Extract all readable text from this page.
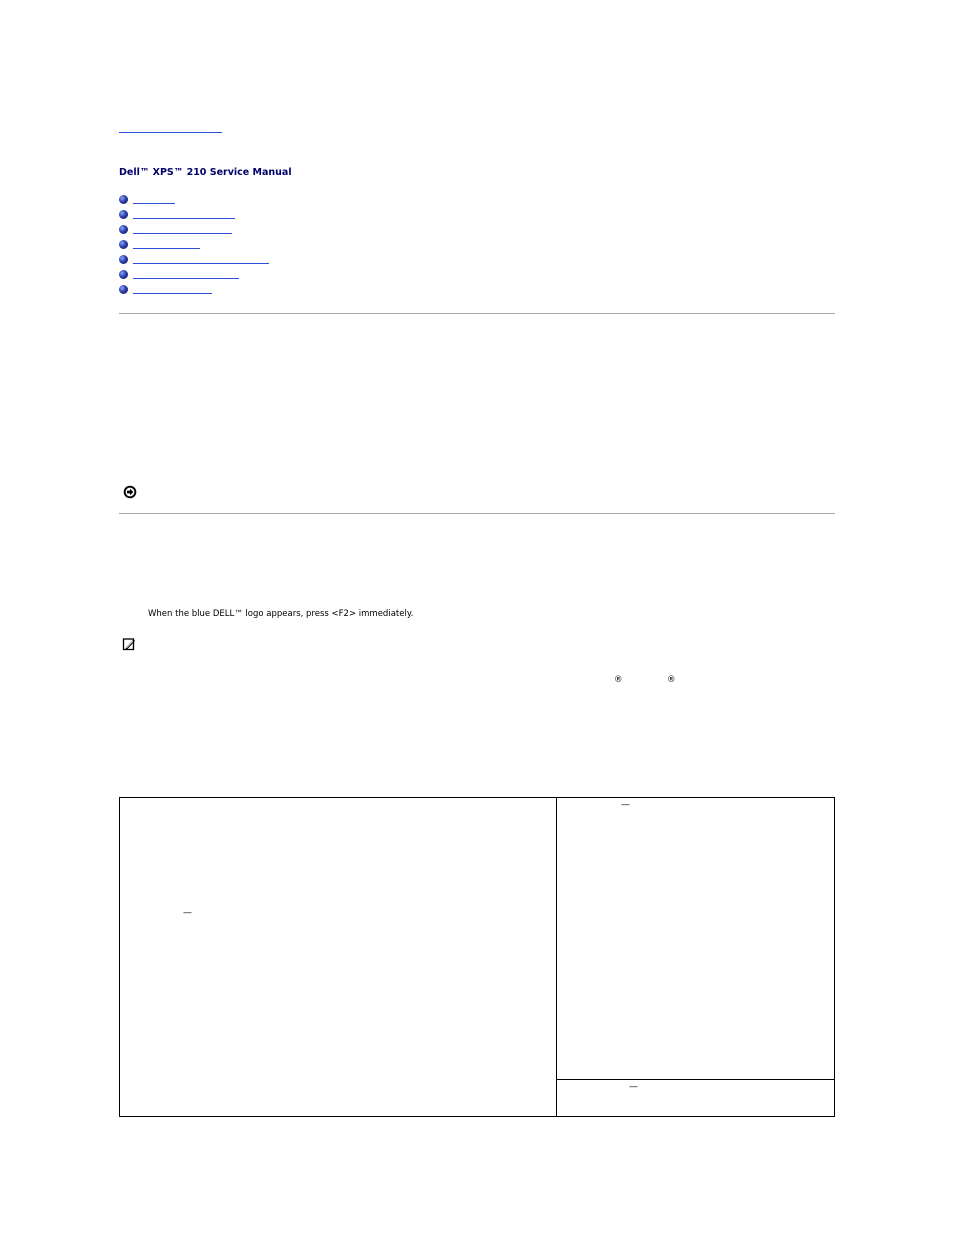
Dell™ XPS™ 210 Service Manual
When the blue DELL™ logo appears, press <F2> immediately.
®	®
—
—
—
